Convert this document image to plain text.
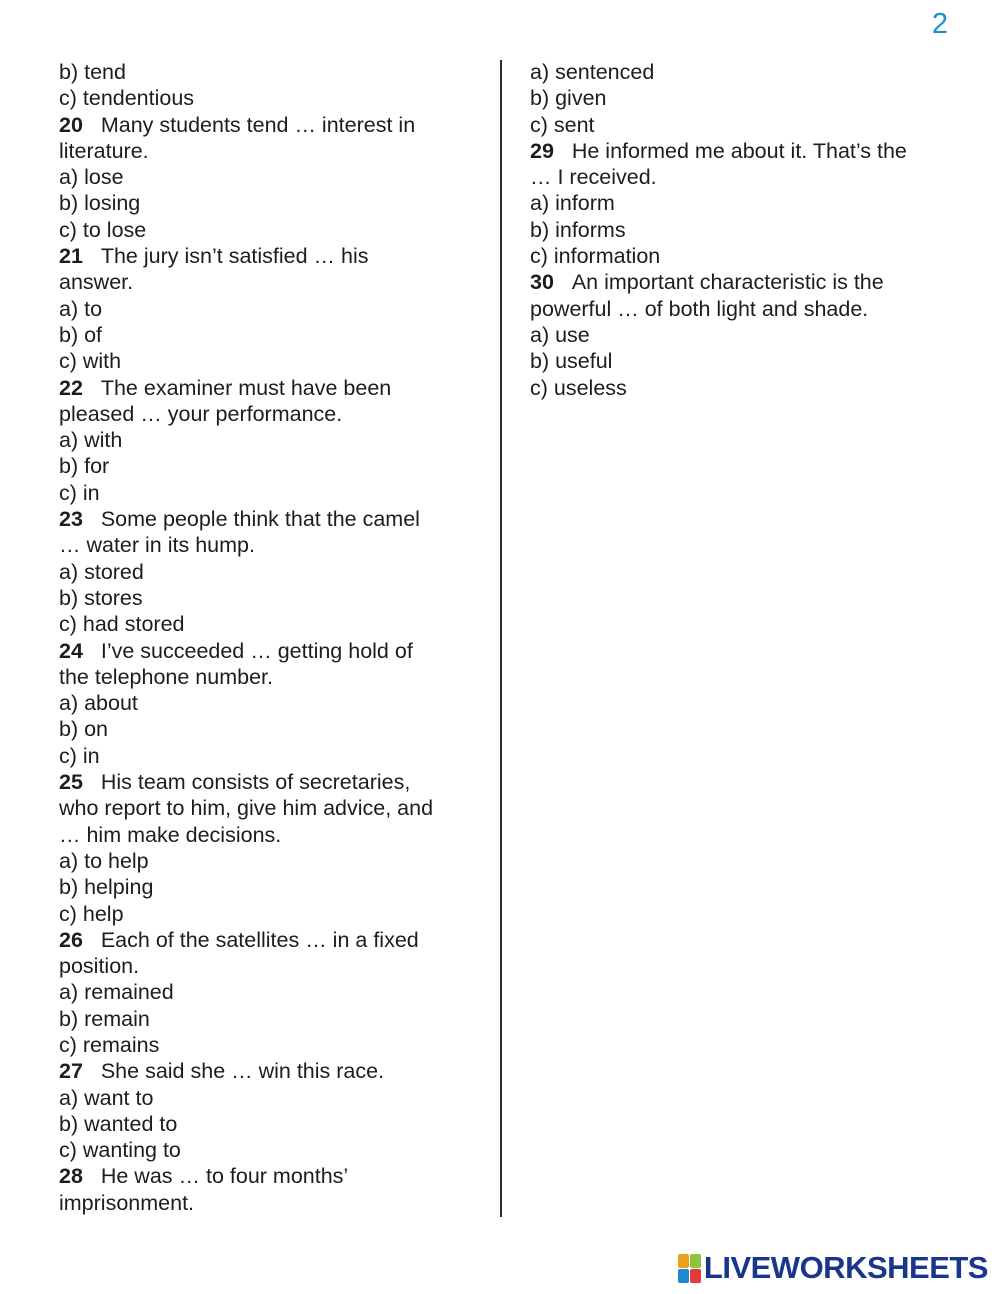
2
b) tend
c) tendentious
20 Many students tend … interest in
literature.
a) lose
b) losing
c) to lose
21 The jury isn’t satisfied … his
answer.
a) to
b) of
c) with
22 The examiner must have been
pleased … your performance.
a) with
b) for
c) in
23 Some people think that the camel
… water in its hump.
a) stored
b) stores
c) had stored
24 I’ve succeeded … getting hold of
the telephone number.
a) about
b) on
c) in
25 His team consists of secretaries,
who report to him, give him advice, and
… him make decisions.
a) to help
b) helping
c) help
26 Each of the satellites … in a fixed
position.
a) remained
b) remain
c) remains
27 She said she … win this race.
a) want to
b) wanted to
c) wanting to
28 He was … to four months’
imprisonment.
a) sentenced
b) given
c) sent
29 He informed me about it. That’s the
… I received.
a) inform
b) informs
c) information
30 An important characteristic is the
powerful … of both light and shade.
a) use
b) useful
c) useless
LIVEWORKSHEETS
